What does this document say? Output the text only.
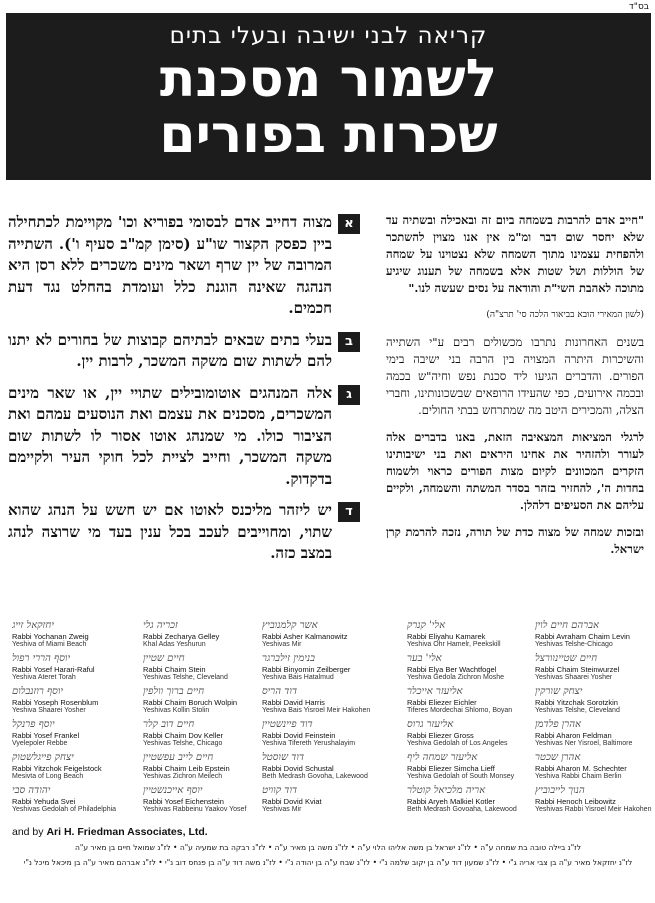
בס"ד
קריאה לבני ישיבה ובעלי בתים
לשמור מסכנת
שכרות בפורים
א
מצוה דחייב אדם לבסומי בפוריא וכו' מקויימת לכתחילה ביין כפסק הקצור שו"ע (סימן קמ"ב סעיף ו'). השתייה המרובה של יין שרף ושאר מינים משכרים ללא רסן היא הנהגה שאינה הוגנת כלל ועומדת בהחלט נגד דעת חכמים.
ב
בעלי בתים שבאים לבתיהם קבוצות של בחורים לא יתנו להם לשתות שום משקה המשכר, לרבות יין.
ג
אלה המנהגים אוטומובילים שתויי יין, או שאר מינים המשכרים, מסכנים את עצמם ואת הנוסעים עמהם ואת הציבור כולו. מי שמנהג אוטו אסור לו לשתות שום משקה המשכר, וחייב לציית לכל חוקי העיר ולקיימם בדקדוק.
ד
יש ליזהר מליכנס לאוטו אם יש חשש על הנהג שהוא שתוי, ומחוייבים לעכב בכל ענין בעד מי שרוצה לנהג במצב כזה.

"חייב אדם להרבות בשמחה ביום זה ובאכילה ובשתיה עד שלא יחסר שום דבר ומ"מ אין אנו מצוין להשתכר ולהפחית עצמינו מתוך השמחה שלא נצטוינו על שמחה של הוללות ושל שטות אלא בשמחה של תענוג שיגיע מתוכה לאהבת השי"ת והודאה על נסים שעשה לנו."

(לשון המאירי הובא בביאור הלכה סי' תרצ"ה)

בשנים האחרונות נתרבו מכשולים רבים ע"י השתייה והשיכרות היתרה המצויה בין הרבה בני ישיבה בימי הפורים. והדברים הגיעו ליד סכנת נפש וחיה"ש בכמה ובכמה אירועים, כפי שהעידו הרופאים שבשכונותינו, וחברי הצלה, והמכירים היטב מה שמתרחש בבתי החולים.

לרגלי המציאות המצאיבה הזאת, באנו בדברים אלה לעורר ולהזהיר את אחינו היראים ואת בני ישיבותינו הזקרים המכוונים לקיום מצות הפורים כראוי ולשמוח בחדות ה', להחזיר בזהר בסדר המשתה והשמחה, ולקיים עליהם את הסעיפים דלהלן.

ובזכות שמחה של מצוה כדת של תורה, נזכה להרמת קרן ישראל.

יחזקאל זייג
Rabbi Yochanan Zweig
Yeshiva of Miami Beach
זכריה גלי
Rabbi Zecharya Gelley
Khal Adas Yeshurun
אשר קלמנוביץ
Rabbi Asher Kalmanowitz
Yeshivas Mir
אלי' קנרק
Rabbi Eliyahu Kamarek
Yeshiva Ohr Hamelr, Peekskill
אברהם חיים לוין
Rabbi Avraham Chaim Levin
Yeshivas Telshe-Chicago
יוסף הררי רפול
Rabbi Yosef Harari-Raful
Yeshiva Ateret Torah
חיים שטיין
Rabbi Chaim Stein
Yeshivas Telshe, Cleveland
בנימין זילברגר
Rabbi Binyomin Zeilberger
Yeshiva Bais Hatalmud
אלי' בער
Rabbi Elya Ber Wachtfogel
Yeshiva Gedola Zichron Moshe
חיים שטיינוורצל
Rabbi Chaim Steinwurzel
Yeshivas Shaarei Yosher
יוסף רוזנבלום
Rabbi Yoseph Rosenblum
Yeshiva Shaarei Yosher
חיים ברוך וולפין
Rabbi Chaim Boruch Wolpin
Yeshivas Kollin Stolin
דוד הריס
Rabbi David Harris
Yeshiva Bais Yisroel Meir Hakohen
אליעזר אייכלר
Rabbi Eliezer Eichler
Tiferes Mordechai Shlomo, Boyan
יצחק שורקין
Rabbi Yitzchak Sorotzkin
Yeshivas Telshe, Cleveland
יוסף פרנקל
Rabbi Yosef Frankel
Vyelepoler Rebbe
חיים דוב קלר
Rabbi Chaim Dov Keller
Yeshivas Telshe, Chicago
דוד פיינשטיין
Rabbi Dovid Feinstein
Yeshiva Tifereth Yerushalayim
אליעזר גרוס
Rabbi Eliezer Gross
Yeshiva Gedolah of Los Angeles
אהרן פלדמן
Rabbi Aharon Feldman
Yeshivas Ner Yisroel, Baltimore
יצחק פייגלשטוק
Rabbi Yitzchok Feigelstock
Mesivta of Long Beach
חיים לייב עפשטיין
Rabbi Chaim Leib Epstein
Yeshivas Zichron Meilech
דוד שוסטל
Rabbi Dovid Schustal
Beth Medrash Govoha, Lakewood
אליעזר שמחה ליף
Rabbi Eliezer Simcha Lieff
Yeshiva Gedolah of South Monsey
אהרן שכטר
Rabbi Aharon M. Schechter
Yeshiva Rabbi Chaim Berlin
יהודה סבי
Rabbi Yehuda Svei
Yeshivas Gedolah of Philadelphia
יוסף אייכנשטיין
Rabbi Yosef Eichenstein
Yeshivas Rabbeinu Yaakov Yosef
דוד קוויט
Rabbi Dovid Kviat
Yeshivas Mir
אריה מלכיאל קוטלר
Rabbi Aryeh Malkiel Kotler
Beth Medrash Govoaha, Lakewood
הנוך לייבוביץ
Rabbi Henoch Leibowitz
Yeshivas Rabbi Yisroel Meir Hakohen
and by Ari H. Friedman Associates, Ltd.
לז"נ ביילה טובה בת שמחה ע"ה • לז"נ ישראל בן משה אליהו הלוי ע"ה • לז"נ משה בן מאיר ע"ה • לז"נ רבקה בת שמעיה ע"ה • לז"נ שמואל חיים בן מאיר ע"ה
לז"נ יחזקאל מאיר ע"ה בן צבי אריה ג"י • לז"נ שמעון דוד ע"ה בן יקוב שלמה נ"י • לז"נ שבח ע"ה בן יהודה נ"י • לז"נ משה דוד ע"ה בן פנחס דוב נ"י • לז"נ אברהם מאיר ע"ה בן מיכאל מיכל נ"י
